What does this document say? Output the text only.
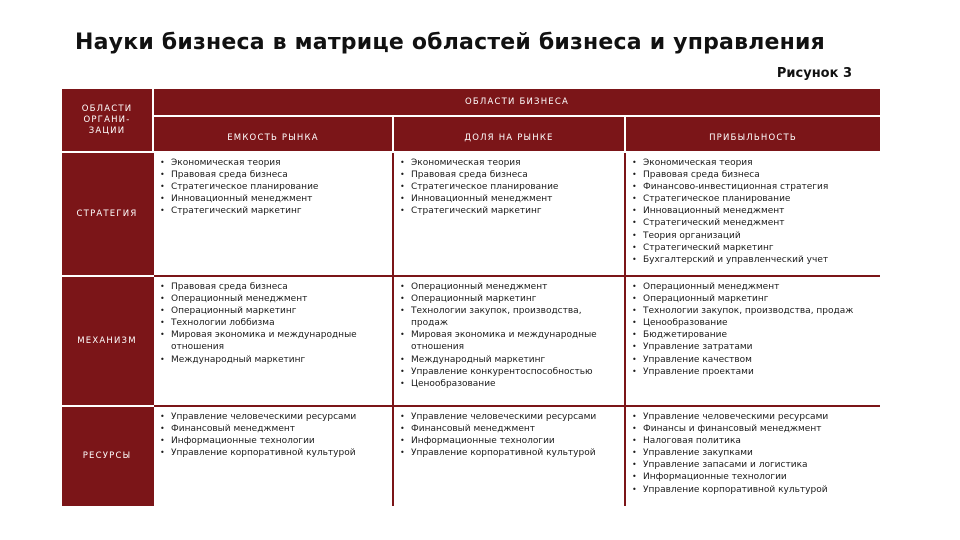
Науки бизнеса в матрице областей бизнеса и управления
Рисунок 3
ОБЛАСТИ ОРГАНИ- ЗАЦИИ
ОБЛАСТИ БИЗНЕСА
ЕМКОСТЬ РЫНКА	ДОЛЯ НА РЫНКЕ	ПРИБЫЛЬНОСТЬ
СТРАТЕГИЯ
• Экономическая теория
• Правовая среда бизнеса
• Стратегическое планирование
• Инновационный менеджмент
• Стратегический маркетинг
• Экономическая теория
• Правовая среда бизнеса
• Стратегическое планирование
• Инновационный менеджмент
• Стратегический маркетинг
• Экономическая теория
• Правовая среда бизнеса
• Финансово-инвестиционная стратегия
• Стратегическое планирование
• Инновационный менеджмент
• Стратегический менеджмент
• Теория организаций
• Стратегический маркетинг
• Бухгалтерский и управленческий учет
МЕХАНИЗМ
• Правовая среда бизнеса
• Операционный менеджмент
• Операционный маркетинг
• Технологии лоббизма
• Мировая экономика и международные отношения
• Международный маркетинг
• Операционный менеджмент
• Операционный маркетинг
• Технологии закупок, производства, продаж
• Мировая экономика и международные отношения
• Международный маркетинг
• Управление конкурентоспособностью
• Ценообразование
• Операционный менеджмент
• Операционный маркетинг
• Технологии закупок, производства, продаж
• Ценообразование
• Бюджетирование
• Управление затратами
• Управление качеством
• Управление проектами
РЕСУРСЫ
• Управление человеческими ресурсами
• Финансовый менеджмент
• Информационные технологии
• Управление корпоративной культурой
• Управление человеческими ресурсами
• Финансовый менеджмент
• Информационные технологии
• Управление корпоративной культурой
• Управление человеческими ресурсами
• Финансы и финансовый менеджмент
• Налоговая политика
• Управление закупками
• Управление запасами и логистика
• Информационные технологии
• Управление корпоративной культурой
